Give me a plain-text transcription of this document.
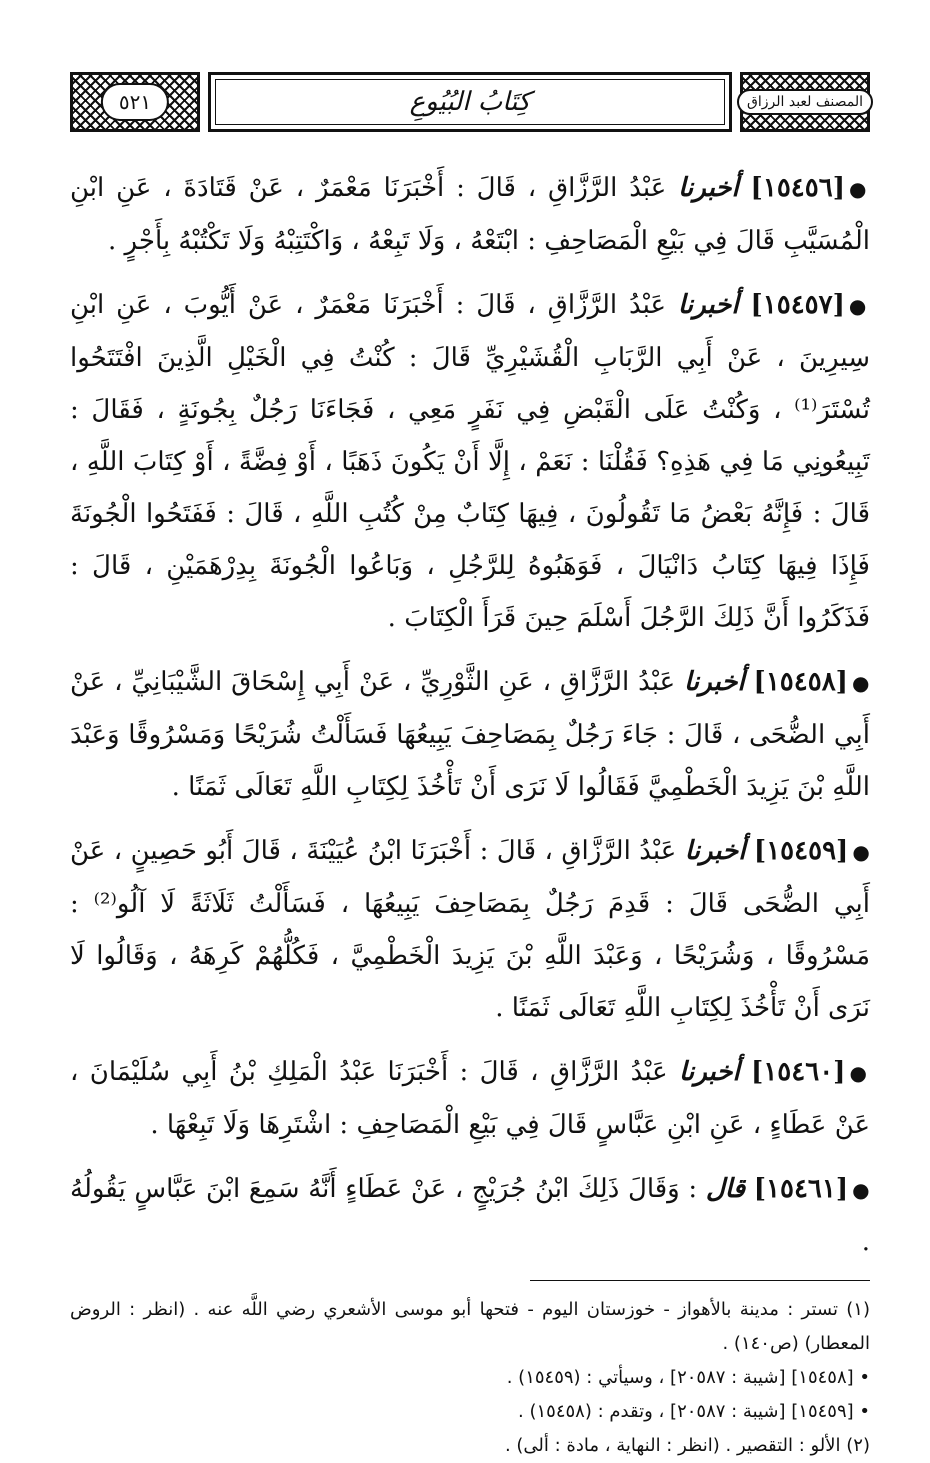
٥٢١	كِتَابُ البُيُوعِ	المصنف لعبد الرزاق

●[١٥٤٥٦] أخبرنا عَبْدُ الرَّزَّاقِ ، قَالَ : أَخْبَرَنَا مَعْمَرٌ ، عَنْ قَتَادَةَ ، عَنِ ابْنِ الْمُسَيَّبِ قَالَ فِي بَيْعِ الْمَصَاحِفِ : ابْتَعْهُ ، وَلَا تَبِعْهُ ، وَاكْتَتِبْهُ وَلَا تَكْتُبْهُ بِأَجْرٍ .

●[١٥٤٥٧] أخبرنا عَبْدُ الرَّزَّاقِ ، قَالَ : أَخْبَرَنَا مَعْمَرٌ ، عَنْ أَيُّوبَ ، عَنِ ابْنِ سِيرِينَ ، عَنْ أَبِي الرَّبَابِ الْقُشَيْرِيِّ قَالَ : كُنْتُ فِي الْخَيْلِ الَّذِينَ افْتَتَحُوا تُسْتَرَ⁽¹⁾ ، وَكُنْتُ عَلَى الْقَبْضِ فِي نَفَرٍ مَعِي ، فَجَاءَنَا رَجُلٌ بِجُونَةٍ ، فَقَالَ : تَبِيعُونِي مَا فِي هَذِهِ؟ فَقُلْنَا : نَعَمْ ، إِلَّا أَنْ يَكُونَ ذَهَبًا ، أَوْ فِضَّةً ، أَوْ كِتَابَ اللَّهِ ، قَالَ : فَإِنَّهُ بَعْضُ مَا تَقُولُونَ ، فِيهَا كِتَابٌ مِنْ كُتُبِ اللَّهِ ، قَالَ : فَفَتَحُوا الْجُونَةَ فَإِذَا فِيهَا كِتَابُ دَانْيَالَ ، فَوَهَبُوهُ لِلرَّجُلِ ، وَبَاعُوا الْجُونَةَ بِدِرْهَمَيْنِ ، قَالَ : فَذَكَرُوا أَنَّ ذَلِكَ الرَّجُلَ أَسْلَمَ حِينَ قَرَأَ الْكِتَابَ .

●[١٥٤٥٨] أخبرنا عَبْدُ الرَّزَّاقِ ، عَنِ الثَّوْرِيِّ ، عَنْ أَبِي إِسْحَاقَ الشَّيْبَانِيِّ ، عَنْ أَبِي الضُّحَى ، قَالَ : جَاءَ رَجُلٌ بِمَصَاحِفَ يَبِيعُهَا فَسَأَلْتُ شُرَيْحًا وَمَسْرُوقًا وَعَبْدَ اللَّهِ بْنَ يَزِيدَ الْخَطْمِيَّ فَقَالُوا لَا نَرَى أَنْ تَأْخُذَ لِكِتَابِ اللَّهِ تَعَالَى ثَمَنًا .

●[١٥٤٥٩] أخبرنا عَبْدُ الرَّزَّاقِ ، قَالَ : أَخْبَرَنَا ابْنُ عُيَيْنَةَ ، قَالَ أَبُو حَصِينٍ ، عَنْ أَبِي الضُّحَى قَالَ : قَدِمَ رَجُلٌ بِمَصَاحِفَ يَبِيعُهَا ، فَسَأَلْتُ ثَلَاثَةً لَا آلُو⁽²⁾ : مَسْرُوقًا ، وَشُرَيْحًا ، وَعَبْدَ اللَّهِ بْنَ يَزِيدَ الْخَطْمِيَّ ، فَكُلُّهُمْ كَرِهَهُ ، وَقَالُوا لَا نَرَى أَنْ تَأْخُذَ لِكِتَابِ اللَّهِ تَعَالَى ثَمَنًا .

●[١٥٤٦٠] أخبرنا عَبْدُ الرَّزَّاقِ ، قَالَ : أَخْبَرَنَا عَبْدُ الْمَلِكِ بْنُ أَبِي سُلَيْمَانَ ، عَنْ عَطَاءٍ ، عَنِ ابْنِ عَبَّاسٍ قَالَ فِي بَيْعِ الْمَصَاحِفِ : اشْتَرِهَا وَلَا تَبِعْهَا .

●[١٥٤٦١] قال : وَقَالَ ذَلِكَ ابْنُ جُرَيْجٍ ، عَنْ عَطَاءٍ أَنَّهُ سَمِعَ ابْنَ عَبَّاسٍ يَقُولُهُ .

(١) تستر : مدينة بالأهواز - خوزستان اليوم - فتحها أبو موسى الأشعري رضي اللَّه عنه . (انظر : الروض المعطار) (ص١٤٠) .

• [١٥٤٥٨] [شيبة : ٢٠٥٨٧] ، وسيأتي : (١٥٤٥٩) .

• [١٥٤٥٩] [شيبة : ٢٠٥٨٧] ، وتقدم : (١٥٤٥٨) .

(٢) الألو : التقصير . (انظر : النهاية ، مادة : ألى) .
